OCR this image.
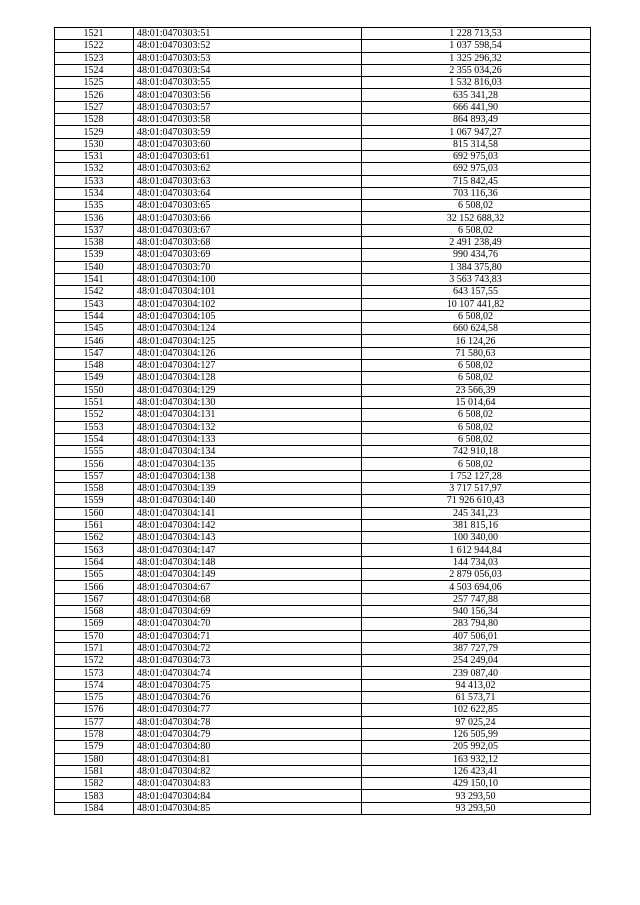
1521	48:01:0470303:51	1 228 713,53
1522	48:01:0470303:52	1 037 598,54
1523	48:01:0470303:53	1 325 296,32
1524	48:01:0470303:54	2 355 034,26
1525	48:01:0470303:55	1 532 816,03
1526	48:01:0470303:56	635 341,28
1527	48:01:0470303:57	666 441,90
1528	48:01:0470303:58	864 893,49
1529	48:01:0470303:59	1 067 947,27
1530	48:01:0470303:60	815 314,58
1531	48:01:0470303:61	692 975,03
1532	48:01:0470303:62	692 975,03
1533	48:01:0470303:63	715 842,45
1534	48:01:0470303:64	703 116,36
1535	48:01:0470303:65	6 508,02
1536	48:01:0470303:66	32 152 688,32
1537	48:01:0470303:67	6 508,02
1538	48:01:0470303:68	2 491 238,49
1539	48:01:0470303:69	990 434,76
1540	48:01:0470303:70	1 384 375,80
1541	48:01:0470304:100	3 563 743,83
1542	48:01:0470304:101	643 157,55
1543	48:01:0470304:102	10 107 441,82
1544	48:01:0470304:105	6 508,02
1545	48:01:0470304:124	660 624,58
1546	48:01:0470304:125	16 124,26
1547	48:01:0470304:126	71 580,63
1548	48:01:0470304:127	6 508,02
1549	48:01:0470304:128	6 508,02
1550	48:01:0470304:129	23 566,39
1551	48:01:0470304:130	15 014,64
1552	48:01:0470304:131	6 508,02
1553	48:01:0470304:132	6 508,02
1554	48:01:0470304:133	6 508,02
1555	48:01:0470304:134	742 910,18
1556	48:01:0470304:135	6 508,02
1557	48:01:0470304:138	1 752 127,28
1558	48:01:0470304:139	3 717 517,97
1559	48:01:0470304:140	71 926 610,43
1560	48:01:0470304:141	245 341,23
1561	48:01:0470304:142	381 815,16
1562	48:01:0470304:143	100 340,00
1563	48:01:0470304:147	1 612 944,84
1564	48:01:0470304:148	144 734,03
1565	48:01:0470304:149	2 879 056,03
1566	48:01:0470304:67	4 503 694,06
1567	48:01:0470304:68	257 747,88
1568	48:01:0470304:69	940 156,34
1569	48:01:0470304:70	283 794,80
1570	48:01:0470304:71	407 506,01
1571	48:01:0470304:72	387 727,79
1572	48:01:0470304:73	254 249,04
1573	48:01:0470304:74	239 087,40
1574	48:01:0470304:75	94 413,02
1575	48:01:0470304:76	61 573,71
1576	48:01:0470304:77	102 622,85
1577	48:01:0470304:78	97 025,24
1578	48:01:0470304:79	126 505,99
1579	48:01:0470304:80	205 992,05
1580	48:01:0470304:81	163 932,12
1581	48:01:0470304:82	126 423,41
1582	48:01:0470304:83	429 150,10
1583	48:01:0470304:84	93 293,50
1584	48:01:0470304:85	93 293,50
